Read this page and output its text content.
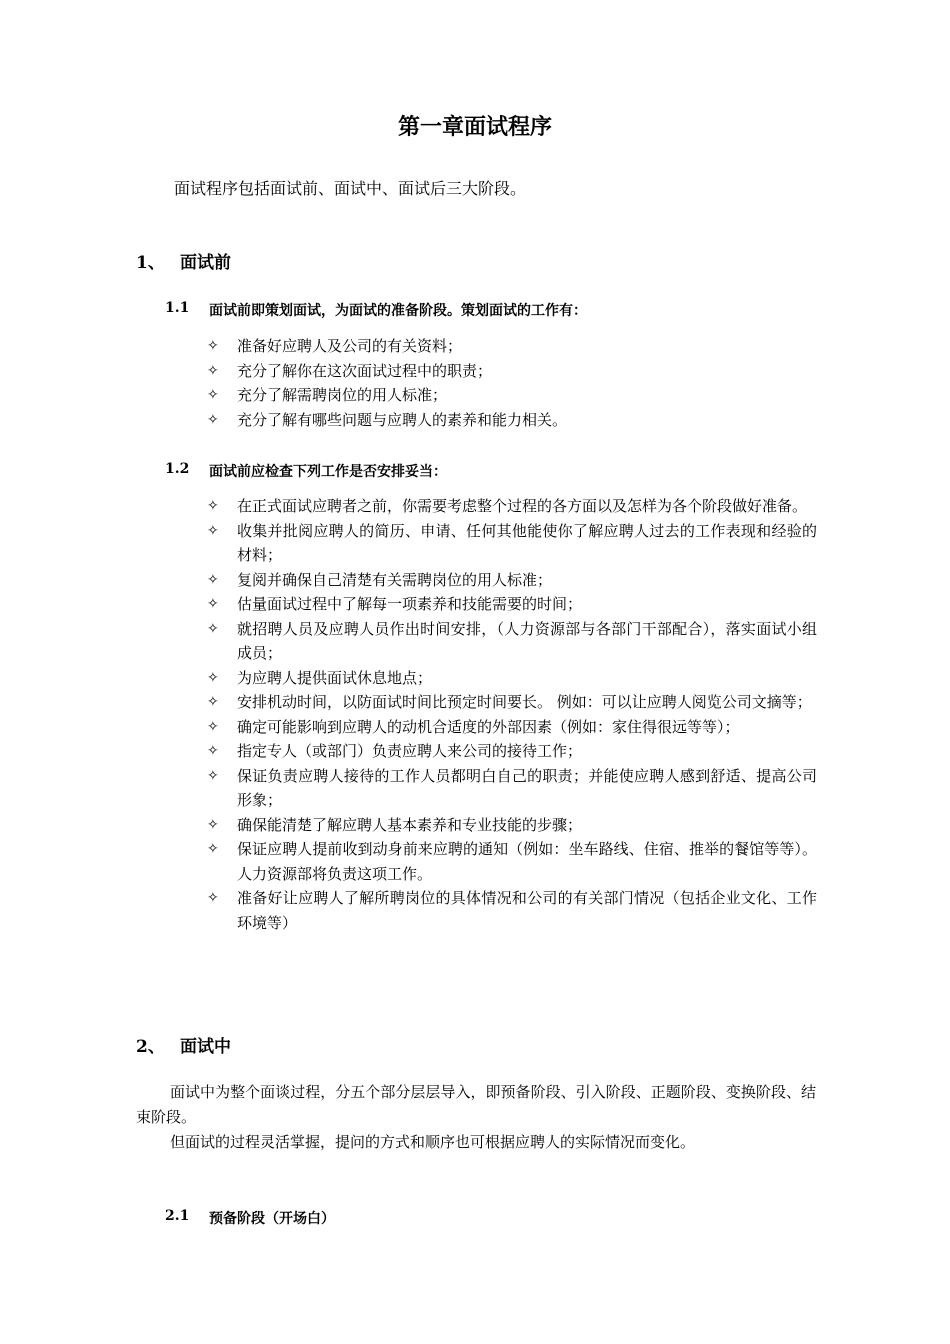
第一章面试程序
面试程序包括面试前、面试中、面试后三大阶段。
1、 面试前
1.1	面试前即策划面试，为面试的准备阶段。策划面试的工作有：
✧	准备好应聘人及公司的有关资料；
✧	充分了解你在这次面试过程中的职责；
✧	充分了解需聘岗位的用人标准；
✧	充分了解有哪些问题与应聘人的素养和能力相关。
1.2	面试前应检查下列工作是否安排妥当：
✧	在正式面试应聘者之前，你需要考虑整个过程的各方面以及怎样为各个阶段做好准备。
✧	收集并批阅应聘人的简历、申请、任何其他能使你了解应聘人过去的工作表现和经验的材料；
✧	复阅并确保自己清楚有关需聘岗位的用人标准；
✧	估量面试过程中了解每一项素养和技能需要的时间；
✧	就招聘人员及应聘人员作出时间安排，（人力资源部与各部门干部配合），落实面试小组成员；
✧	为应聘人提供面试休息地点；
✧	安排机动时间，以防面试时间比预定时间要长。 例如：可以让应聘人阅览公司文摘等；
✧	确定可能影响到应聘人的动机合适度的外部因素（例如：家住得很远等等）；
✧	指定专人（或部门）负责应聘人来公司的接待工作；
✧	保证负责应聘人接待的工作人员都明白自己的职责；并能使应聘人感到舒适、提高公司形象；
✧	确保能清楚了解应聘人基本素养和专业技能的步骤；
✧	保证应聘人提前收到动身前来应聘的通知（例如：坐车路线、住宿、推举的餐馆等等）。人力资源部将负责这项工作。
✧	准备好让应聘人了解所聘岗位的具体情况和公司的有关部门情况（包括企业文化、工作环境等）
2、 面试中

面试中为整个面谈过程，分五个部分层层导入，即预备阶段、引入阶段、正题阶段、变换阶段、结束阶段。

但面试的过程灵活掌握，提问的方式和顺序也可根据应聘人的实际情况而变化。

2.1	预备阶段（开场白）
